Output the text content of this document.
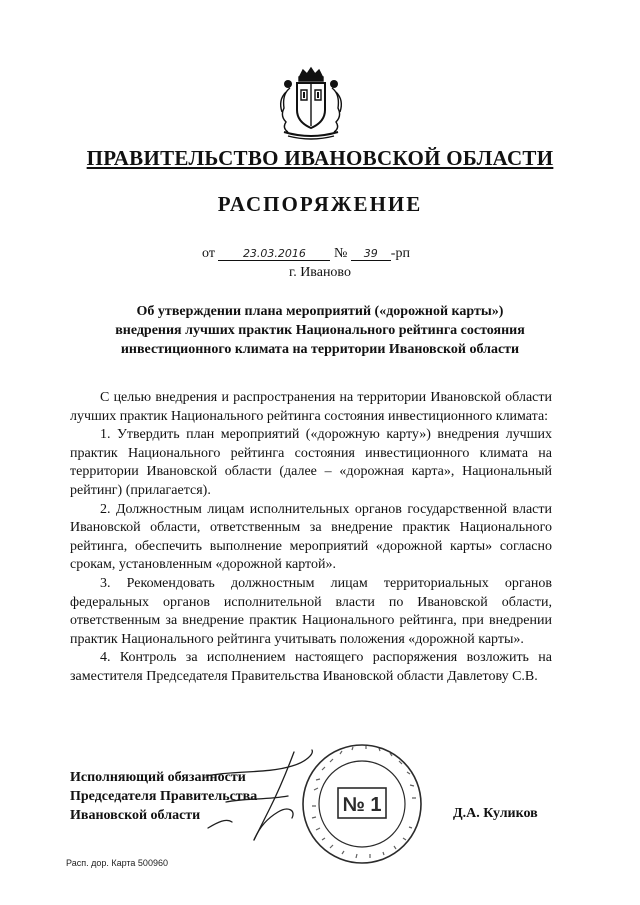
ПРАВИТЕЛЬСТВО ИВАНОВСКОЙ ОБЛАСТИ
РАСПОРЯЖЕНИЕ
от	23.03.2016 № 39 -рп
г. Иваново
Об утверждении плана мероприятий («дорожной карты»)
внедрения лучших практик Национального рейтинга состояния
инвестиционного климата на территории Ивановской области

С целью внедрения и распространения на территории Ивановской области лучших практик Национального рейтинга состояния инвестиционного климата:

1. Утвердить план мероприятий («дорожную карту») внедрения лучших практик Национального рейтинга состояния инвестиционного климата на территории Ивановской области (далее – «дорожная карта», Национальный рейтинг) (прилагается).

2. Должностным лицам исполнительных органов государственной власти Ивановской области, ответственным за внедрение практик Национального рейтинга, обеспечить выполнение мероприятий «дорожной карты» согласно срокам, установленным «дорожной картой».

3. Рекомендовать должностным лицам территориальных органов федеральных органов исполнительной власти по Ивановской области, ответственным за внедрение практик Национального рейтинга, при внедрении практик Национального рейтинга учитывать положения «дорожной карты».

4. Контроль за исполнением настоящего распоряжения возложить на заместителя Председателя Правительства Ивановской области Давлетову С.В.

Исполняющий обязанности
Председателя Правительства
Ивановской области	Д.А. Куликов
№ 1
Расп. дор. Карта 500960
